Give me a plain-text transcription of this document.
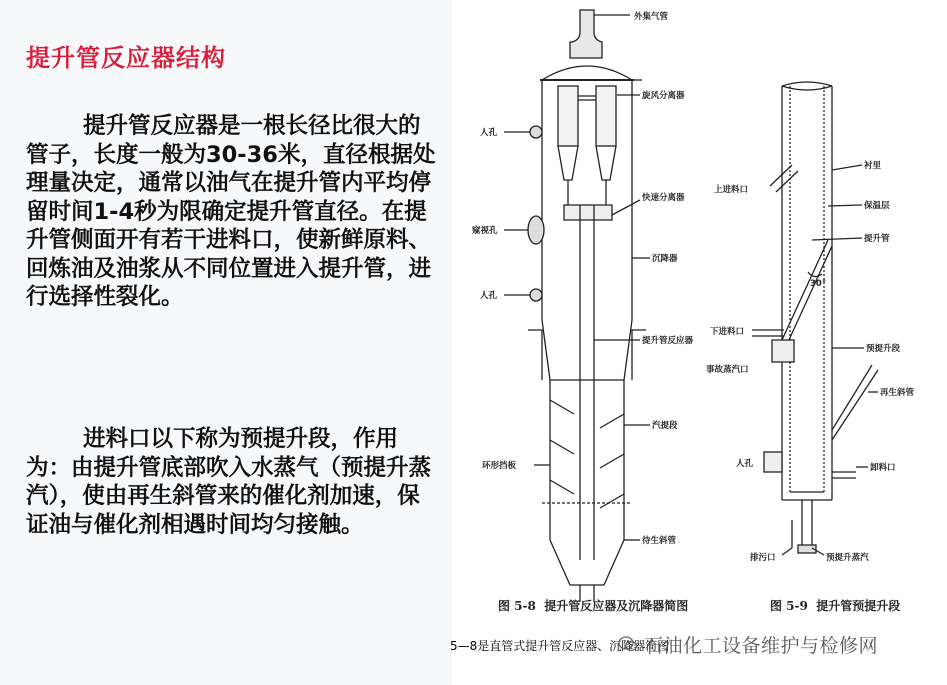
提升管反应器结构

提升管反应器是一根长径比很大的管子，长度一般为30-36米，直径根据处理量决定，通常以油气在提升管内平均停留时间1-4秒为限确定提升管直径。在提升管侧面开有若干进料口，使新鲜原料、回炼油及油浆从不同位置进入提升管，进行选择性裂化。

进料口以下称为预提升段，作用为：由提升管底部吹入水蒸气（预提升蒸汽），使由再生斜管来的催化剂加速，保证油与催化剂相遇时间均匀接触。

外集气管
旋风分离器
人孔
快速分离器
窥视孔
沉降器
人孔
提升管反应器
汽提段
环形挡板
待生斜管
衬里
上进料口
保温层
提升管
30°
下进料口
预提升段
事故蒸汽口
再生斜管
人孔	卸料口
排污口	预提升蒸汽
图 5-8 提升管反应器及沉降器简图	图 5-9 提升管预提升段
5—8是直管式提升管反应器、沉降器简图
石油化工设备维护与检修网
